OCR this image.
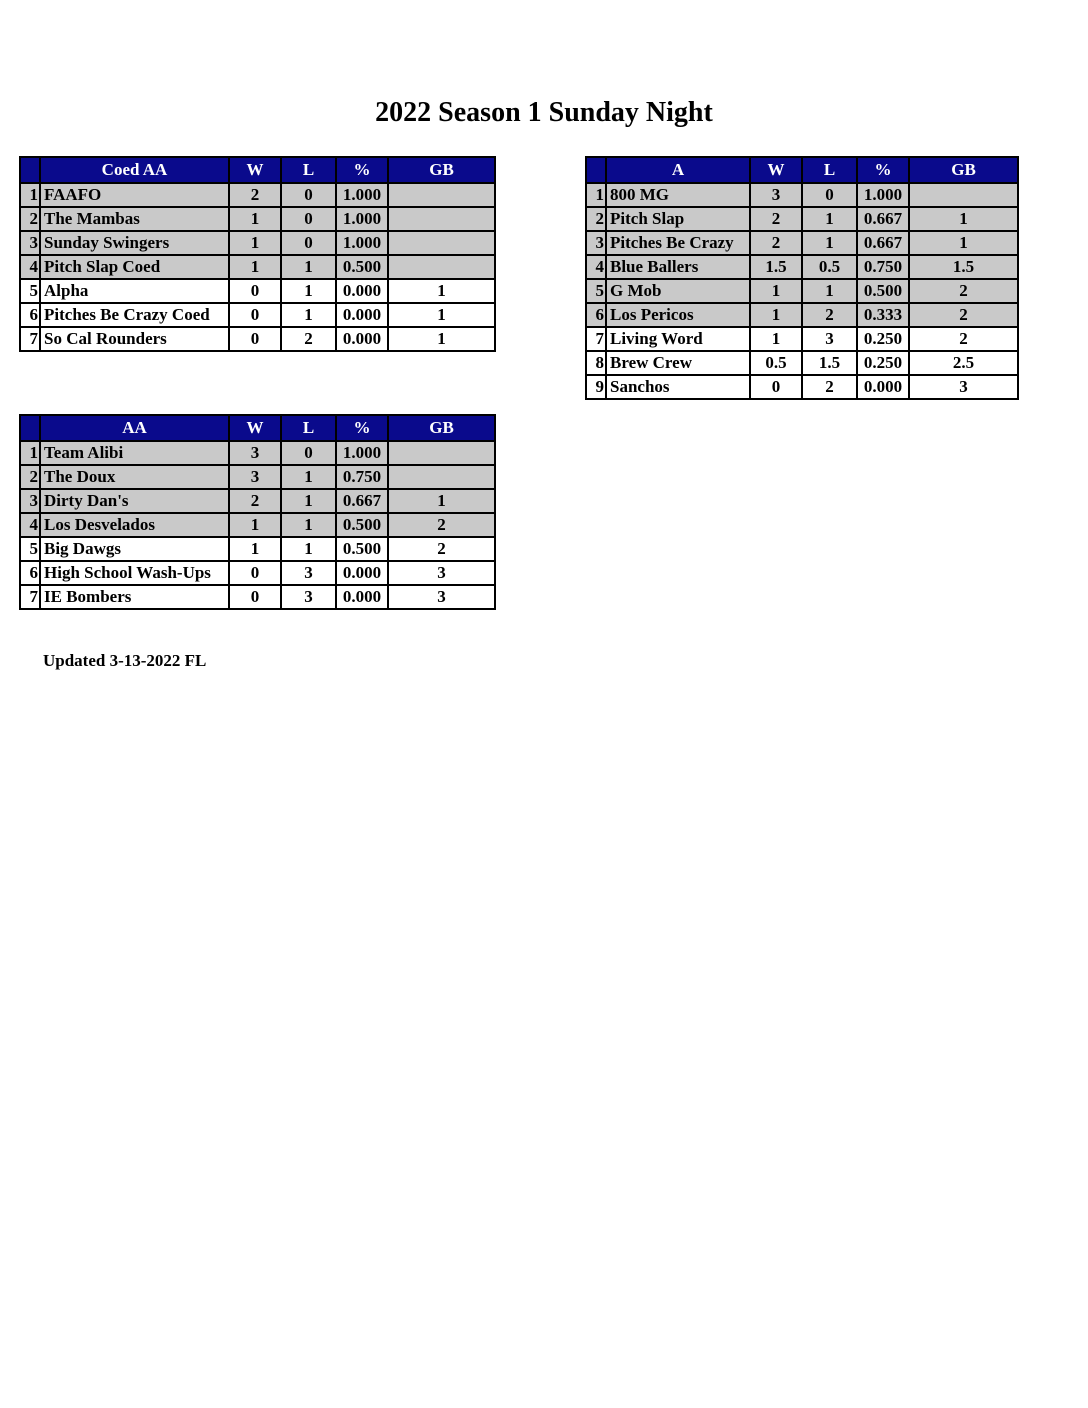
2022 Season 1 Sunday Night
	Coed AA	W	L	%	GB
1	FAAFO	2	0	1.000	
2	The Mambas	1	0	1.000	
3	Sunday Swingers	1	0	1.000	
4	Pitch Slap Coed	1	1	0.500	
5	Alpha	0	1	0.000	1
6	Pitches Be Crazy Coed	0	1	0.000	1
7	So Cal Rounders	0	2	0.000	1
	A	W	L	%	GB
1	800 MG	3	0	1.000	
2	Pitch Slap	2	1	0.667	1
3	Pitches Be Crazy	2	1	0.667	1
4	Blue Ballers	1.5	0.5	0.750	1.5
5	G Mob	1	1	0.500	2
6	Los Pericos	1	2	0.333	2
7	Living Word	1	3	0.250	2
8	Brew Crew	0.5	1.5	0.250	2.5
9	Sanchos	0	2	0.000	3
	AA	W	L	%	GB
1	Team Alibi	3	0	1.000	
2	The Doux	3	1	0.750	
3	Dirty Dan's	2	1	0.667	1
4	Los Desvelados	1	1	0.500	2
5	Big Dawgs	1	1	0.500	2
6	High School Wash-Ups	0	3	0.000	3
7	IE Bombers	0	3	0.000	3
Updated 3-13-2022 FL
